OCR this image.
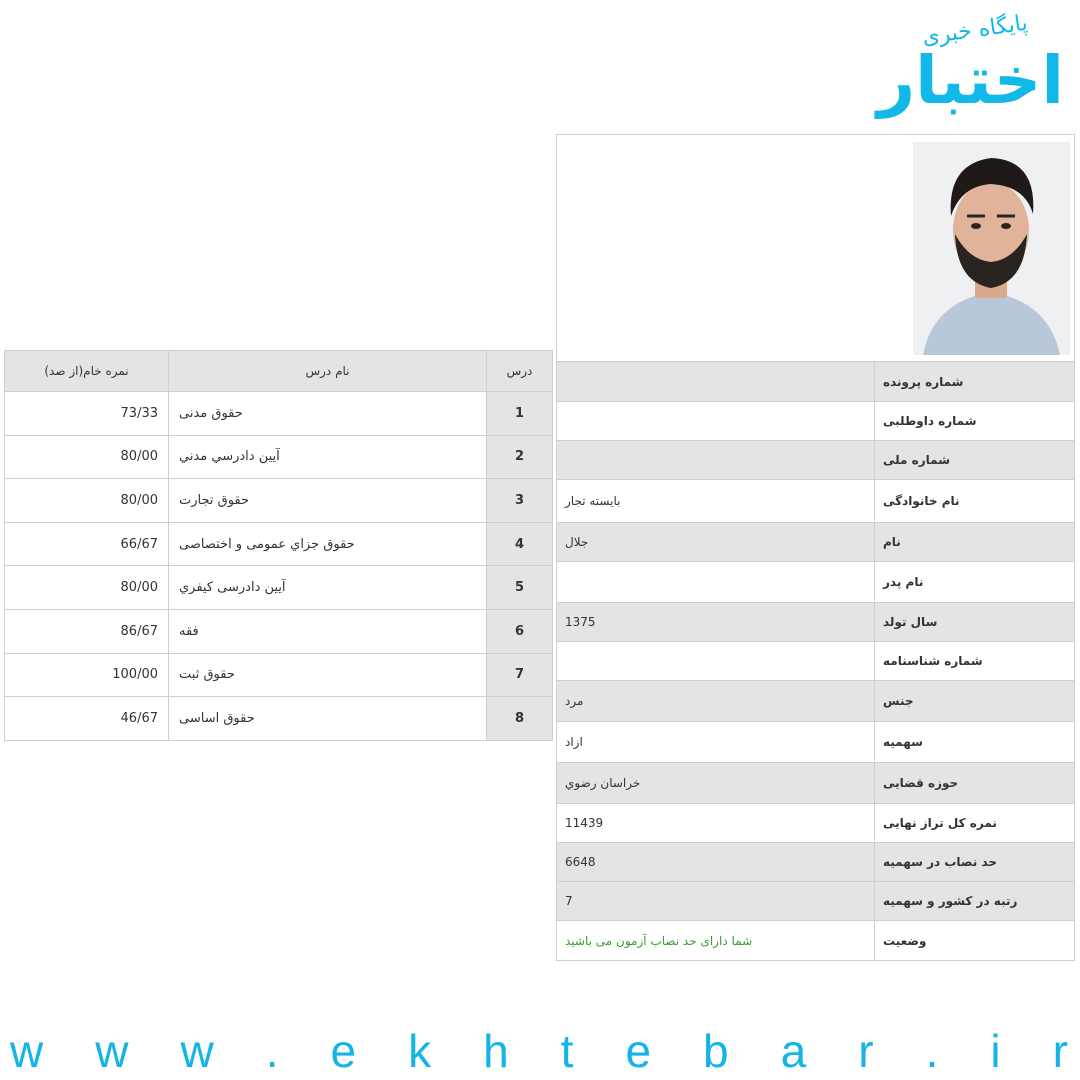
پایگاه خبری
اختبار
شماره پرونده
شماره داوطلبی
شماره ملی
نام خانوادگی
بایسته تجار
نام
جلال
نام پدر
سال تولد
1375
شماره شناسنامه
جنس
مرد
سهمیه
ازاد
حوزه قضایی
خراسان رضوي
نمره کل تراز نهایی
11439
حد نصاب در سهمیه
6648
رتبه در کشور و سهمیه
7
وضعیت
شما دارای حد نصاب آزمون می باشید
درس
نام درس
نمره خام(از صد)
1
حقوق مدنی
73/33
2
آيين دادرسي مدني
80/00
3
حقوق تجارت
80/00
4
حقوق جزاي عمومی و اختصاصی
66/67
5
آيين دادرسی کيفري
80/00
6
فقه
86/67
7
حقوق ثبت
100/00
8
حقوق اساسی
46/67
w w w . e k h t e b a r . i r
